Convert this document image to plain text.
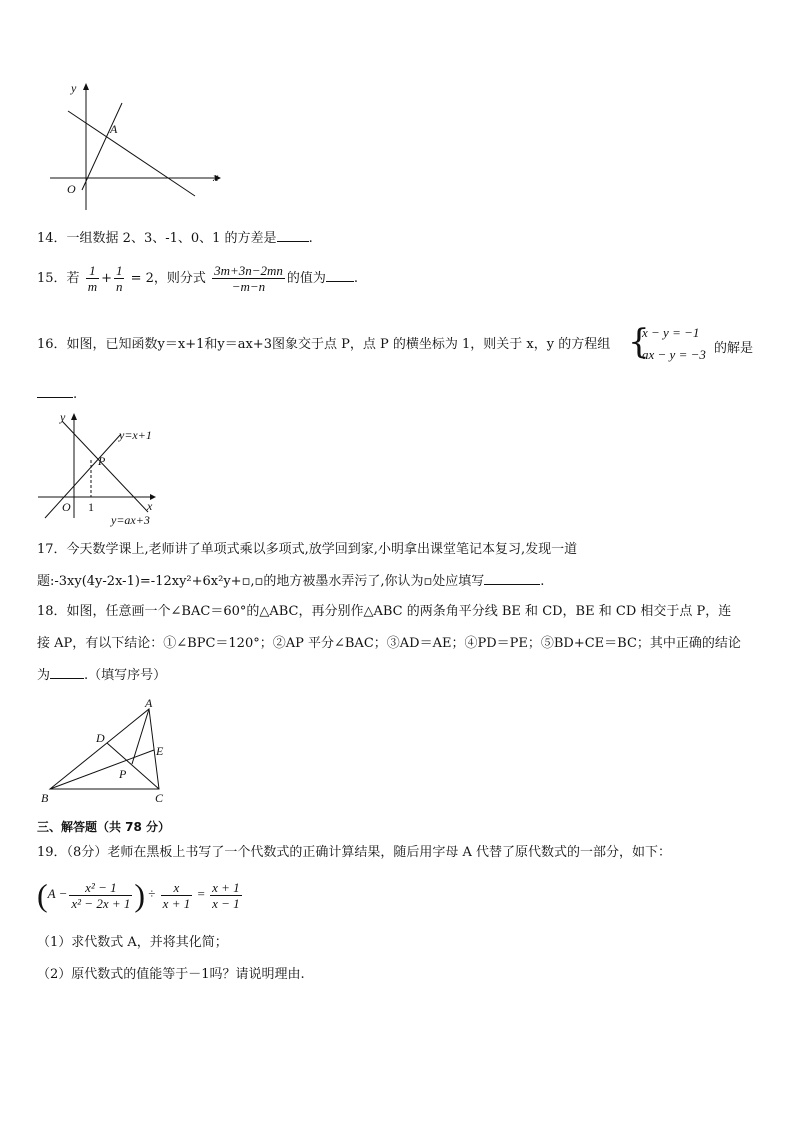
y
x
O
A
14．一组数据 2、3、-1、0、1 的方差是 .
15．若 $\frac{1}{m} + \frac{1}{n} = 2$，则分式 $\frac{3m+3n-2mn}{-m-n}$ 的值为 .
16．如图，已知函数y＝x+1和y＝ax+3图象交于点 P，点 P 的横坐标为 1，则关于 x，y 的方程组 {
x − y = −1
ax − y = −3 的解是
.
y
x
O 1
P
y=x+1
y=ax+3
17．今天数学课上,老师讲了单项式乘以多项式,放学回到家,小明拿出课堂笔记本复习,发现一道
题:-3xy(4y-2x-1)=-12xy²+6x²y+▫,▫的地方被墨水弄污了,你认为▫处应填写	.
18．如图，任意画一个∠BAC＝60°的△ABC，再分别作△ABC 的两条角平分线 BE 和 CD，BE 和 CD 相交于点 P，连
接 AP，有以下结论：①∠BPC＝120°；②AP 平分∠BAC；③AD＝AE；④PD＝PE；⑤BD+CE＝BC；其中正确的结论
为	.（填写序号）
A
B	C
D
E
P
三、解答题（共 78 分）
19．（8分）老师在黑板上书写了一个代数式的正确计算结果，随后用字母 A 代替了原代数式的一部分，如下：
($A - \frac{\text{x² − 1}}{\text{x² − 2x + 1}}$ ) ÷ $\frac{x}{x + 1} = \frac{x + 1}{x - 1}$
（1）求代数式 A，并将其化简；
（2）原代数式的值能等于－1吗？请说明理由.
